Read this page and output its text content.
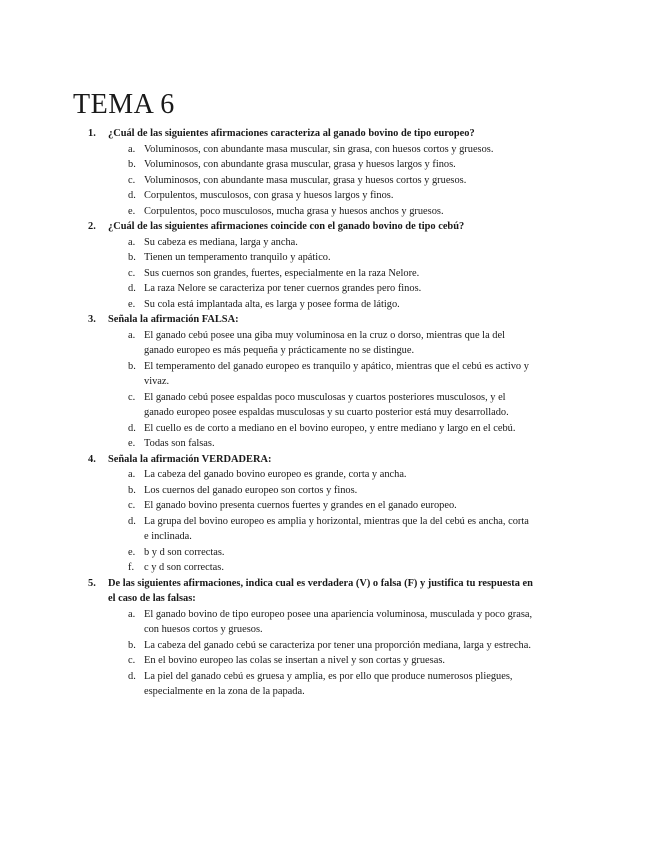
TEMA 6
1. ¿Cuál de las siguientes afirmaciones caracteriza al ganado bovino de tipo europeo?
a. Voluminosos, con abundante masa muscular, sin grasa, con huesos cortos y gruesos.
b. Voluminosos, con abundante grasa muscular, grasa y huesos largos y finos.
c. Voluminosos, con abundante masa muscular, grasa y huesos cortos y gruesos.
d. Corpulentos, musculosos, con grasa y huesos largos y finos.
e. Corpulentos, poco musculosos, mucha grasa y huesos anchos y gruesos.
2. ¿Cuál de las siguientes afirmaciones coincide con el ganado bovino de tipo cebú?
a. Su cabeza es mediana, larga y ancha.
b. Tienen un temperamento tranquilo y apático.
c. Sus cuernos son grandes, fuertes, especialmente en la raza Nelore.
d. La raza Nelore se caracteriza por tener cuernos grandes pero finos.
e. Su cola está implantada alta, es larga y posee forma de látigo.
3. Señala la afirmación FALSA:
a. El ganado cebú posee una giba muy voluminosa en la cruz o dorso, mientras que la del ganado europeo es más pequeña y prácticamente no se distingue.
b. El temperamento del ganado europeo es tranquilo y apático, mientras que el cebú es activo y vivaz.
c. El ganado cebú posee espaldas poco musculosas y cuartos posteriores musculosos, y el ganado europeo posee espaldas musculosas y su cuarto posterior está muy desarrollado.
d. El cuello es de corto a mediano en el bovino europeo, y entre mediano y largo en el cebú.
e. Todas son falsas.
4. Señala la afirmación VERDADERA:
a. La cabeza del ganado bovino europeo es grande, corta y ancha.
b. Los cuernos del ganado europeo son cortos y finos.
c. El ganado bovino presenta cuernos fuertes y grandes en el ganado europeo.
d. La grupa del bovino europeo es amplia y horizontal, mientras que la del cebú es ancha, corta e inclinada.
e. b y d son correctas.
f. c y d son correctas.
5. De las siguientes afirmaciones, indica cual es verdadera (V) o falsa (F) y justifica tu respuesta en el caso de las falsas:
a. El ganado bovino de tipo europeo posee una apariencia voluminosa, musculada y poco grasa, con huesos cortos y gruesos.
b. La cabeza del ganado cebú se caracteriza por tener una proporción mediana, larga y estrecha.
c. En el bovino europeo las colas se insertan a nivel y son cortas y gruesas.
d. La piel del ganado cebú es gruesa y amplia, es por ello que produce numerosos pliegues, especialmente en la zona de la papada.
